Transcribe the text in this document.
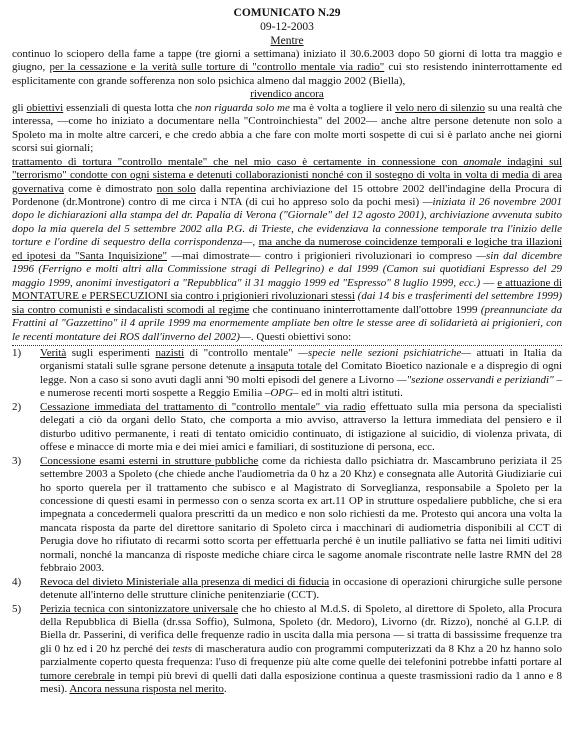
COMUNICATO N.29
09-12-2003
Mentre

continuo lo sciopero della fame a tappe (tre giorni a settimana) iniziato il 30.6.2003 dopo 50 giorni di lotta tra maggio e giugno, per la cessazione e la verità sulle torture di "controllo mentale via radio" cui sto resistendo ininterrottamente ed esplicitamente con grande sofferenza non solo psichica almeno dal maggio 2002 (Biella),

rivendico ancora

gli obiettivi essenziali di questa lotta che non riguarda solo me ma è volta a togliere il velo nero di silenzio su una realtà che interessa, —come ho iniziato a documentare nella "Controinchiesta" del 2002— anche altre persone detenute non solo a Spoleto ma in molte altre carceri, e che credo abbia a che fare con molte morti sospette di cui si è parlato anche nei giorni scorsi sui giornali;

trattamento di tortura "controllo mentale" che nel mio caso è certamente in connessione con anomale indagini sul "terrorismo" condotte con ogni sistema e detenuti collaborazionisti nonché con il sostegno di volta in volta di media di area governativa come è dimostrato non solo dalla repentina archiviazione del 15 ottobre 2002 dell'indagine della Procura di Pordenone (dr.Montrone) contro di me circa i NTA (di cui ho appreso solo da pochi mesi) —iniziata il 26 novembre 2001 dopo le dichiarazioni alla stampa del dr. Papalia di Verona ("Giornale" del 12 agosto 2001), archiviazione avvenuta subito dopo la mia querela del 5 settembre 2002 alla P.G. di Trieste, che evidenziava la connessione temporale tra l'inizio delle torture e l'ordine di sequestro della corrispondenza—, ma anche da numerose coincidenze temporali e logiche tra illazioni ed ipotesi da "Santa Inquisizione" —mai dimostrate— contro i prigionieri rivoluzionari io compreso —sin dal dicembre 1996 (Ferrigno e molti altri alla Commissione stragi di Pellegrino) e dal 1999 (Camon sui quotidiani Espresso del 29 maggio 1999, anonimi investigatori a "Repubblica" il 31 maggio 1999 ed "Espresso" 8 luglio 1999, ecc.) — e attuazione di MONTATURE e PERSECUZIONI sia contro i prigionieri rivoluzionari stessi (dai 14 bis e trasferimenti del settembre 1999) sia contro comunisti e sindacalisti scomodi al regime che continuano ininterrottamente dall'ottobre 1999 (preannunciate da Frattini al "Gazzettino" il 4 aprile 1999 ma enormemente ampliate ben oltre le stesse aree di solidarietà ai prigionieri, con le recenti montature dei ROS dall'inverno del 2002)—. Questi obiettivi sono:

1)	Verità sugli esperimenti nazisti di "controllo mentale" —specie nelle sezioni psichiatriche— attuati in Italia da organismi statali sulle sgrane persone detenute a insaputa totale del Comitato Bioetico nazionale e a dispregio di ogni legge. Non a caso si sono avuti dagli anni '90 molti episodi del genere a Livorno —"sezione osservandi e periziandi" – e numerose recenti morti sospette a Reggio Emilia –OPG– ed in molti altri istituti.

2)	Cessazione immediata del trattamento di "controllo mentale" via radio effettuato sulla mia persona da specialisti delegati a ciò da organi dello Stato, che comporta a mio avviso, attraverso la lettura immediata del pensiero e il disturbo uditivo permanente, i reati di tentato omicidio continuato, di istigazione al suicidio, di violenza privata, di offese e minacce di morte mia e dei miei amici e familiari, di sostituzione di persona, ecc.

3)	Concessione esami esterni in strutture pubbliche come da richiesta dallo psichiatra dr. Mascambruno periziata il 25 settembre 2003 a Spoleto (che chiede anche l'audiometria da 0 hz a 20 Khz) e consegnata alle Autorità Giudiziarie cui ho sporto querela per il trattamento che subisco e al Magistrato di Sorveglianza, responsabile a Spoleto per la concessione di questi esami in permesso con o senza scorta ex art.11 OP in strutture ospedaliere pubbliche, che si era impegnata a concedermeli qualora prescritti da un medico e non solo richiesti da me. Protesto qui ancora una volta la mancata risposta da parte del direttore sanitario di Spoleto circa i macchinari di audiometria disponibili al CCT di Perugia dove ho rifiutato di recarmi sotto scorta per effettuarla perché è un inutile palliativo se fatta nei limiti uditivi normali, nonché la mancanza di risposte mediche chiare circa le sagome anomale riscontrate nelle lastre RMN del 28 febbraio 2003.

4)	Revoca del divieto Ministeriale alla presenza di medici di fiducia in occasione di operazioni chirurgiche sulle persone detenute all'interno delle strutture cliniche penitenziarie (CCT).

5)	Perizia tecnica con sintonizzatore universale che ho chiesto al M.d.S. di Spoleto, al direttore di Spoleto, alla Procura della Repubblica di Biella (dr.ssa Soffio), Sulmona, Spoleto (dr. Medoro), Livorno (dr. Rizzo), nonché al G.I.P. di Biella dr. Passerini, di verifica delle frequenze radio in uscita dalla mia persona — si tratta di bassissime frequenze tra gli 0 hz ed i 20 hz perché dei tests di mascheratura audio con programmi computerizzati da 8 Khz a 20 hz hanno solo parzialmente coperto questa frequenza: l'uso di frequenze più alte come quelle dei telefonini potrebbe infatti portare al tumore cerebrale in tempi più brevi di quelli dati dalla esposizione continua a queste trasmissioni radio da 1 anno e 8 mesi). Ancora nessuna risposta nel merito.
